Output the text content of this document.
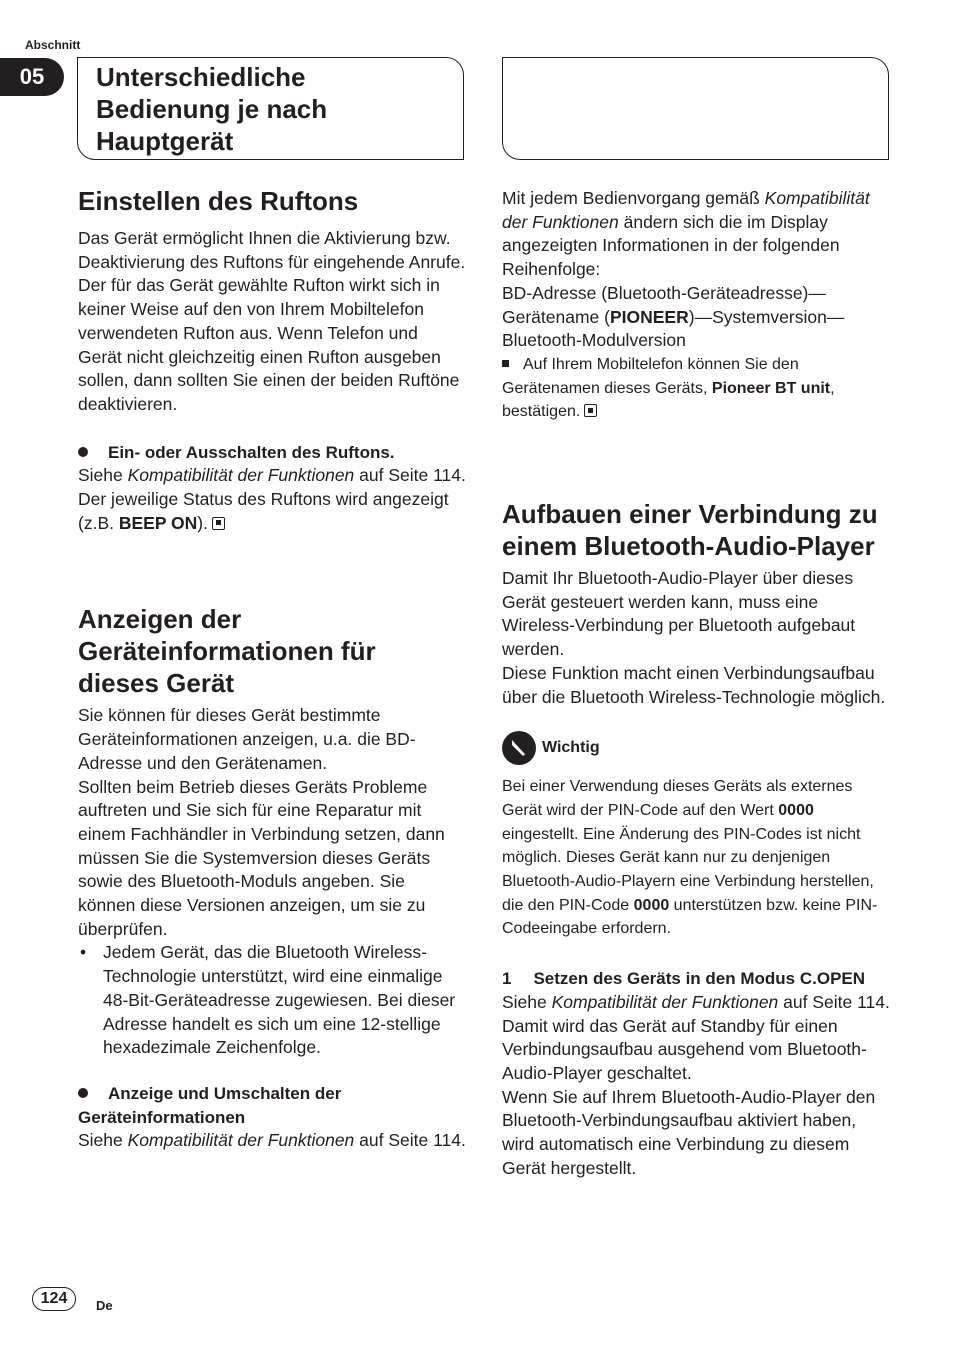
Abschnitt
05	Unterschiedliche
Bedienung je nach
Hauptgerät
Einstellen des Ruftons

Das Gerät ermöglicht Ihnen die Aktivierung bzw. Deaktivierung des Ruftons für eingehende Anrufe.

Der für das Gerät gewählte Rufton wirkt sich in keiner Weise auf den von Ihrem Mobiltelefon verwendeten Rufton aus. Wenn Telefon und Gerät nicht gleichzeitig einen Rufton ausgeben sollen, dann sollten Sie einen der beiden Ruftöne deaktivieren.

Ein- oder Ausschalten des Ruftons.

Siehe Kompatibilität der Funktionen auf Seite 114.

Der jeweilige Status des Ruftons wird angezeigt (z.B. BEEP ON).

Anzeigen der
Geräteinformationen für
dieses Gerät

Sie können für dieses Gerät bestimmte Geräteinformationen anzeigen, u.a. die BD-Adresse und den Gerätenamen.

Sollten beim Betrieb dieses Geräts Probleme auftreten und Sie sich für eine Reparatur mit einem Fachhändler in Verbindung setzen, dann müssen Sie die Systemversion dieses Geräts sowie des Bluetooth-Moduls angeben. Sie können diese Versionen anzeigen, um sie zu überprüfen.

• Jedem Gerät, das die Bluetooth Wireless-Technologie unterstützt, wird eine einmalige 48-Bit-Geräteadresse zugewiesen. Bei dieser Adresse handelt es sich um eine 12-stellige hexadezimale Zeichenfolge.

Anzeige und Umschalten der Geräteinformationen

Siehe Kompatibilität der Funktionen auf Seite 114.

Mit jedem Bedienvorgang gemäß Kompatibilität der Funktionen ändern sich die im Display angezeigten Informationen in der folgenden Reihenfolge:

BD-Adresse (Bluetooth-Geräteadresse)—Gerätename (PIONEER)—Systemversion— Bluetooth-Modulversion

Auf Ihrem Mobiltelefon können Sie den Gerätenamen dieses Geräts, Pioneer BT unit, bestätigen.

Aufbauen einer Verbindung zu
einem Bluetooth-Audio-Player

Damit Ihr Bluetooth-Audio-Player über dieses Gerät gesteuert werden kann, muss eine Wireless-Verbindung per Bluetooth aufgebaut werden.

Diese Funktion macht einen Verbindungsaufbau über die Bluetooth Wireless-Technologie möglich.

Wichtig

Bei einer Verwendung dieses Geräts als externes Gerät wird der PIN-Code auf den Wert 0000 eingestellt. Eine Änderung des PIN-Codes ist nicht möglich. Dieses Gerät kann nur zu denjenigen Bluetooth-Audio-Playern eine Verbindung herstellen, die den PIN-Code 0000 unterstützen bzw. keine PIN-Codeeingabe erfordern.

1 Setzen des Geräts in den Modus C.OPEN

Siehe Kompatibilität der Funktionen auf Seite 114.

Damit wird das Gerät auf Standby für einen Verbindungsaufbau ausgehend vom Bluetooth-Audio-Player geschaltet.

Wenn Sie auf Ihrem Bluetooth-Audio-Player den Bluetooth-Verbindungsaufbau aktiviert haben, wird automatisch eine Verbindung zu diesem Gerät hergestellt.

124	De
